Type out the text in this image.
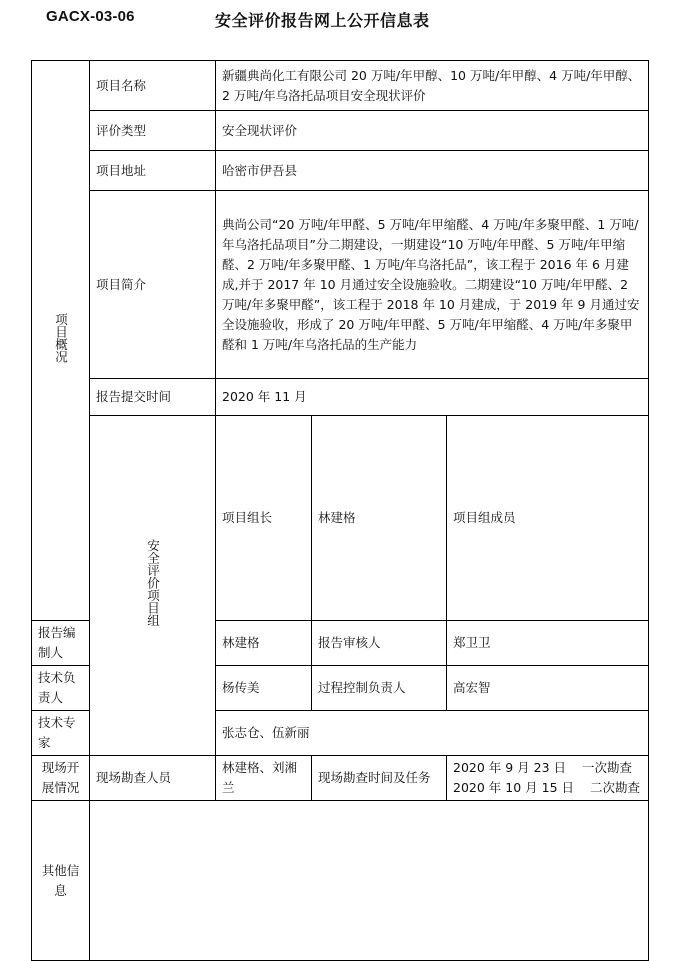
GACX-03-06	安全评价报告网上公开信息表
项目概况	项目名称	新疆典尚化工有限公司 20 万吨/年甲醇、10 万吨/年甲醇、4 万吨/年甲醇、2 万吨/年乌洛托品项目安全现状评价			
	评价类型	安全现状评价			
	项目地址	哈密市伊吾县			
	项目简介	典尚公司“20 万吨/年甲醛、5 万吨/年甲缩醛、4 万吨/年多聚甲醛、1 万吨/年乌洛托品项目”分二期建设，一期建设“10 万吨/年甲醛、5 万吨/年甲缩醛、2 万吨/年多聚甲醛、1 万吨/年乌洛托品”，该工程于 2016 年 6 月建成,并于 2017 年 10 月通过安全设施验收。二期建设“10 万吨/年甲醛、2 万吨/年多聚甲醛”，该工程于 2018 年 10 月建成，于 2019 年 9 月通过安全设施验收，形成了 20 万吨/年甲醛、5 万吨/年甲缩醛、4 万吨/年多聚甲醛和 1 万吨/年乌洛托品的生产能力			
	报告提交时间	2020 年 11 月			
	安全评价项目组	项目组长	林建格	项目组成员	
报告编制人		林建格	报告审核人	郑卫卫	
技术负责人		杨传美	过程控制负责人	高宏智	
技术专家		张志仓、伍新丽			
现场开展情况	现场勘查人员	林建格、刘湘兰	现场勘查时间及任务	2020 年 9 月 23 日 一次勘查
2020 年 10 月 15 日 二次勘查	

其他信息					
